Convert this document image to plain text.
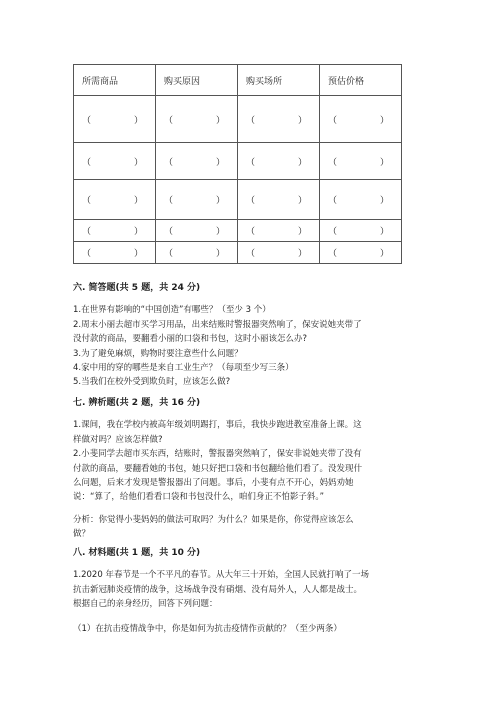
所需商品	购买原因	购买场所	预估价格

（ ）	（ ）	（ ）	（ ）

（ ）	（ ）	（ ）	（ ）

（ ）	（ ）	（ ）	（ ）

（ ）	（ ）	（ ）	（ ）

（ ）	（ ）	（ ）	（ ）
六. 简答题(共 5 题，共 24 分)
1.在世界有影响的“中国创造”有哪些？（至少 3 个）
2.周末小丽去超市买学习用品，出来结账时警报器突然响了，保安说她夹带了
没付款的商品，要翻看小丽的口袋和书包，这时小丽该怎么办?
3.为了避免麻烦，购物时要注意些什么问题？
4.家中用的穿的哪些是来自工业生产？（每项至少写三条）
5.当我们在校外受到欺负时，应该怎么做?
七. 辨析题(共 2 题，共 16 分)
1.课间，我在学校内被高年级刘明踢打，事后，我快步跑进教室准备上课。这
样做对吗？应该怎样做?
2.小斐同学去超市买东西，结账时，警报器突然响了，保安非说她夹带了没有
付款的商品，要翻看她的书包，她只好把口袋和书包翻给他们看了。没发现什
么问题，后来才发现是警报器出了问题。事后，小斐有点不开心，妈妈劝她
说：“算了，给他们看看口袋和书包没什么，咱们身正不怕影子斜。”
分析：你觉得小斐妈妈的做法可取吗？为什么？如果是你，你觉得应该怎么
做？
八. 材料题(共 1 题，共 10 分)
1.2020 年春节是一个不平凡的春节。从大年三十开始，全国人民就打响了一场
抗击新冠肺炎疫情的战争，这场战争没有硝烟、没有局外人，人人都是战士。
根据自己的亲身经历，回答下列问题：
（1）在抗击疫情战争中，你是如何为抗击疫情作贡献的？（至少两条）
